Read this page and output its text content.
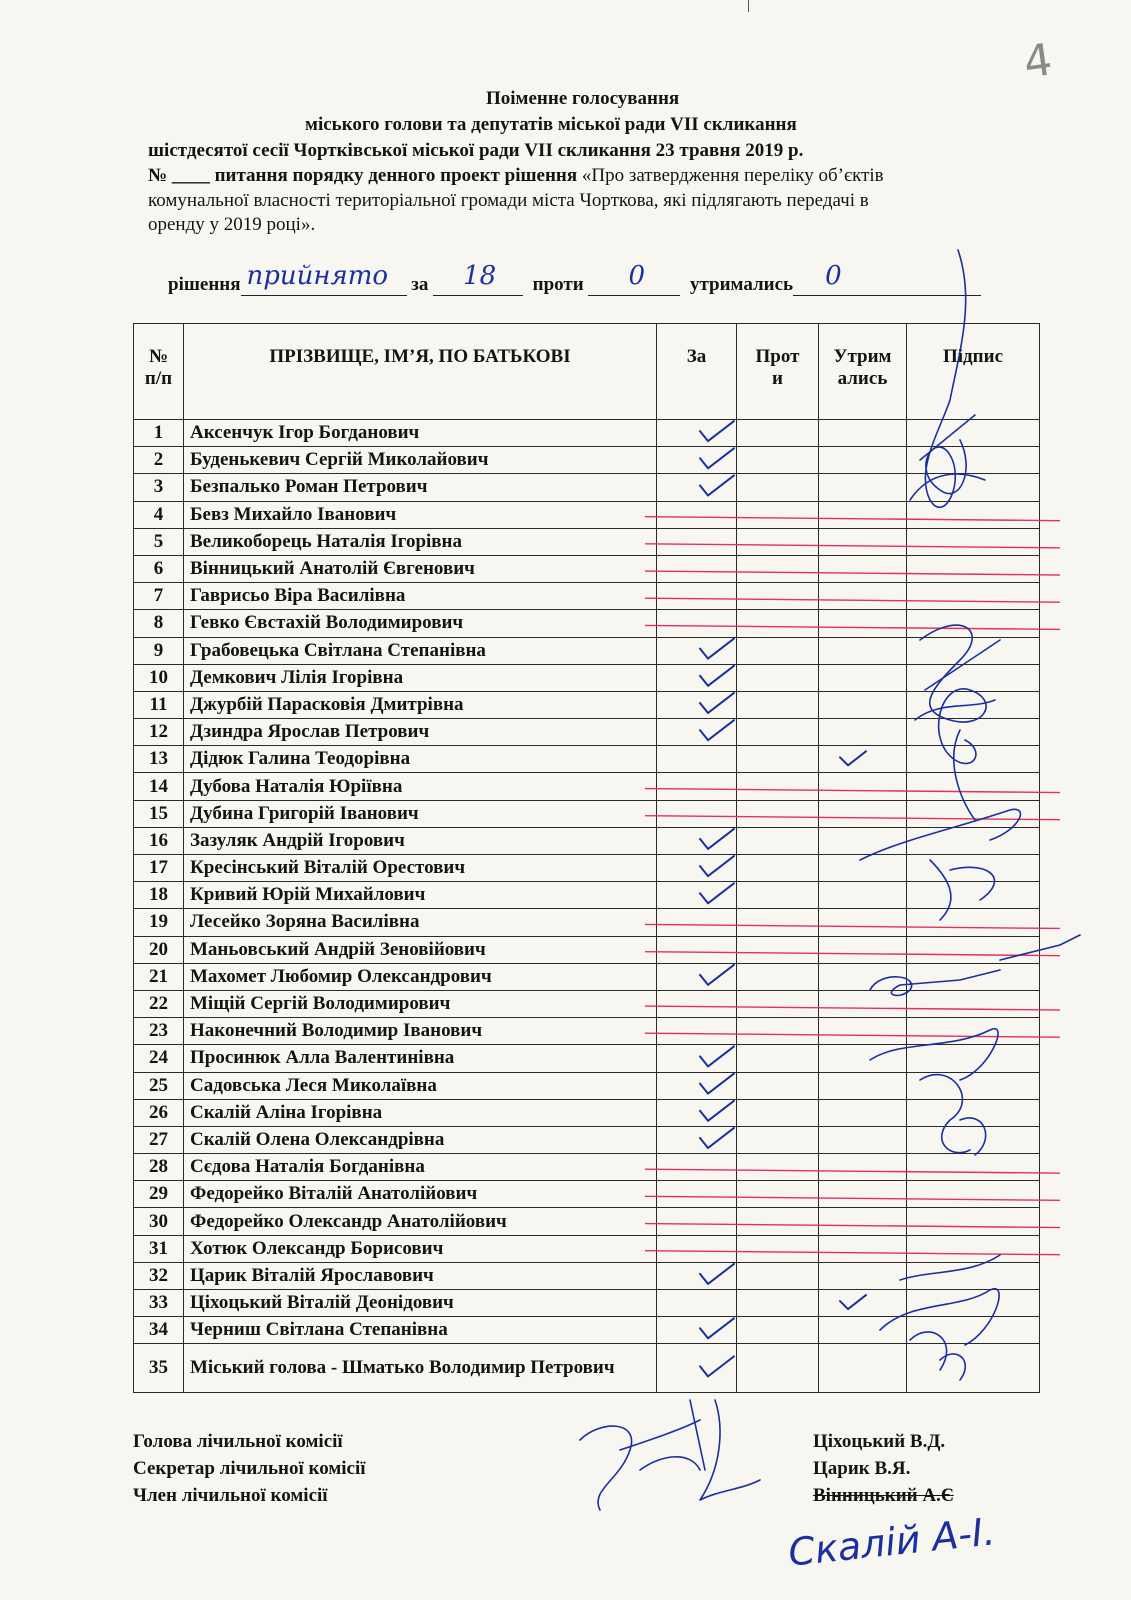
4
Поіменне голосування
міського голови та депутатів міської ради VII скликання
шістдесятої сесії Чортківської міської ради VII скликання 23 травня 2019 р.
№ ____ питання порядку денного проект рішення «Про затвердження переліку об’єктів
комунальної власності територіальної громади міста Чорткова, які підлягають передачі в
оренду у 2019 році».
рішення прийнято за 18 проти 0 утримались 0
№ п/п	ПРІЗВИЩЕ, ІМ’Я, ПО БАТЬКОВІ	За	Проти	Утримались	Підпис
1	Аксенчук Ігор Богданович				
2	Буденькевич Сергій Миколайович				
3	Безпалько Роман Петрович				
4	Бевз Михайло Іванович				
5	Великоборець Наталія Ігорівна				
6	Вінницький Анатолій Євгенович				
7	Гаврисьо Віра Василівна				
8	Гевко Євстахій Володимирович				
9	Грабовецька Світлана Степанівна				
10	Демкович Лілія Ігорівна				
11	Джурбій Парасковія Дмитрівна				
12	Дзиндра Ярослав Петрович				
13	Дідюк Галина Теодорівна				
14	Дубова Наталія Юріївна				
15	Дубина Григорій Іванович				
16	Зазуляк Андрій Ігорович				
17	Кресінський Віталій Орестович				
18	Кривий Юрій Михайлович				
19	Лесейко Зоряна Василівна				
20	Маньовський Андрій Зеновійович				
21	Махомет Любомир Олександрович				
22	Міщій Сергій Володимирович				
23	Наконечний Володимир Іванович				
24	Просинюк Алла Валентинівна				
25	Садовська Леся Миколаївна				
26	Скалій Аліна Ігорівна				
27	Скалій Олена Олександрівна				
28	Сєдова Наталія Богданівна				
29	Федорейко Віталій Анатолійович				
30	Федорейко Олександр Анатолійович				
31	Хотюк Олександр Борисович				
32	Царик Віталій Ярославович				
33	Ціхоцький Віталій Деонідович				
34	Черниш Світлана Степанівна				
35	Міський голова - Шматько Володимир Петрович				
Голова лічильної комісії
Секретар лічильної комісії
Член лічильної комісії
Ціхоцький В.Д.
Царик В.Я.
Вінницький А.Є
Скалій А-І.
